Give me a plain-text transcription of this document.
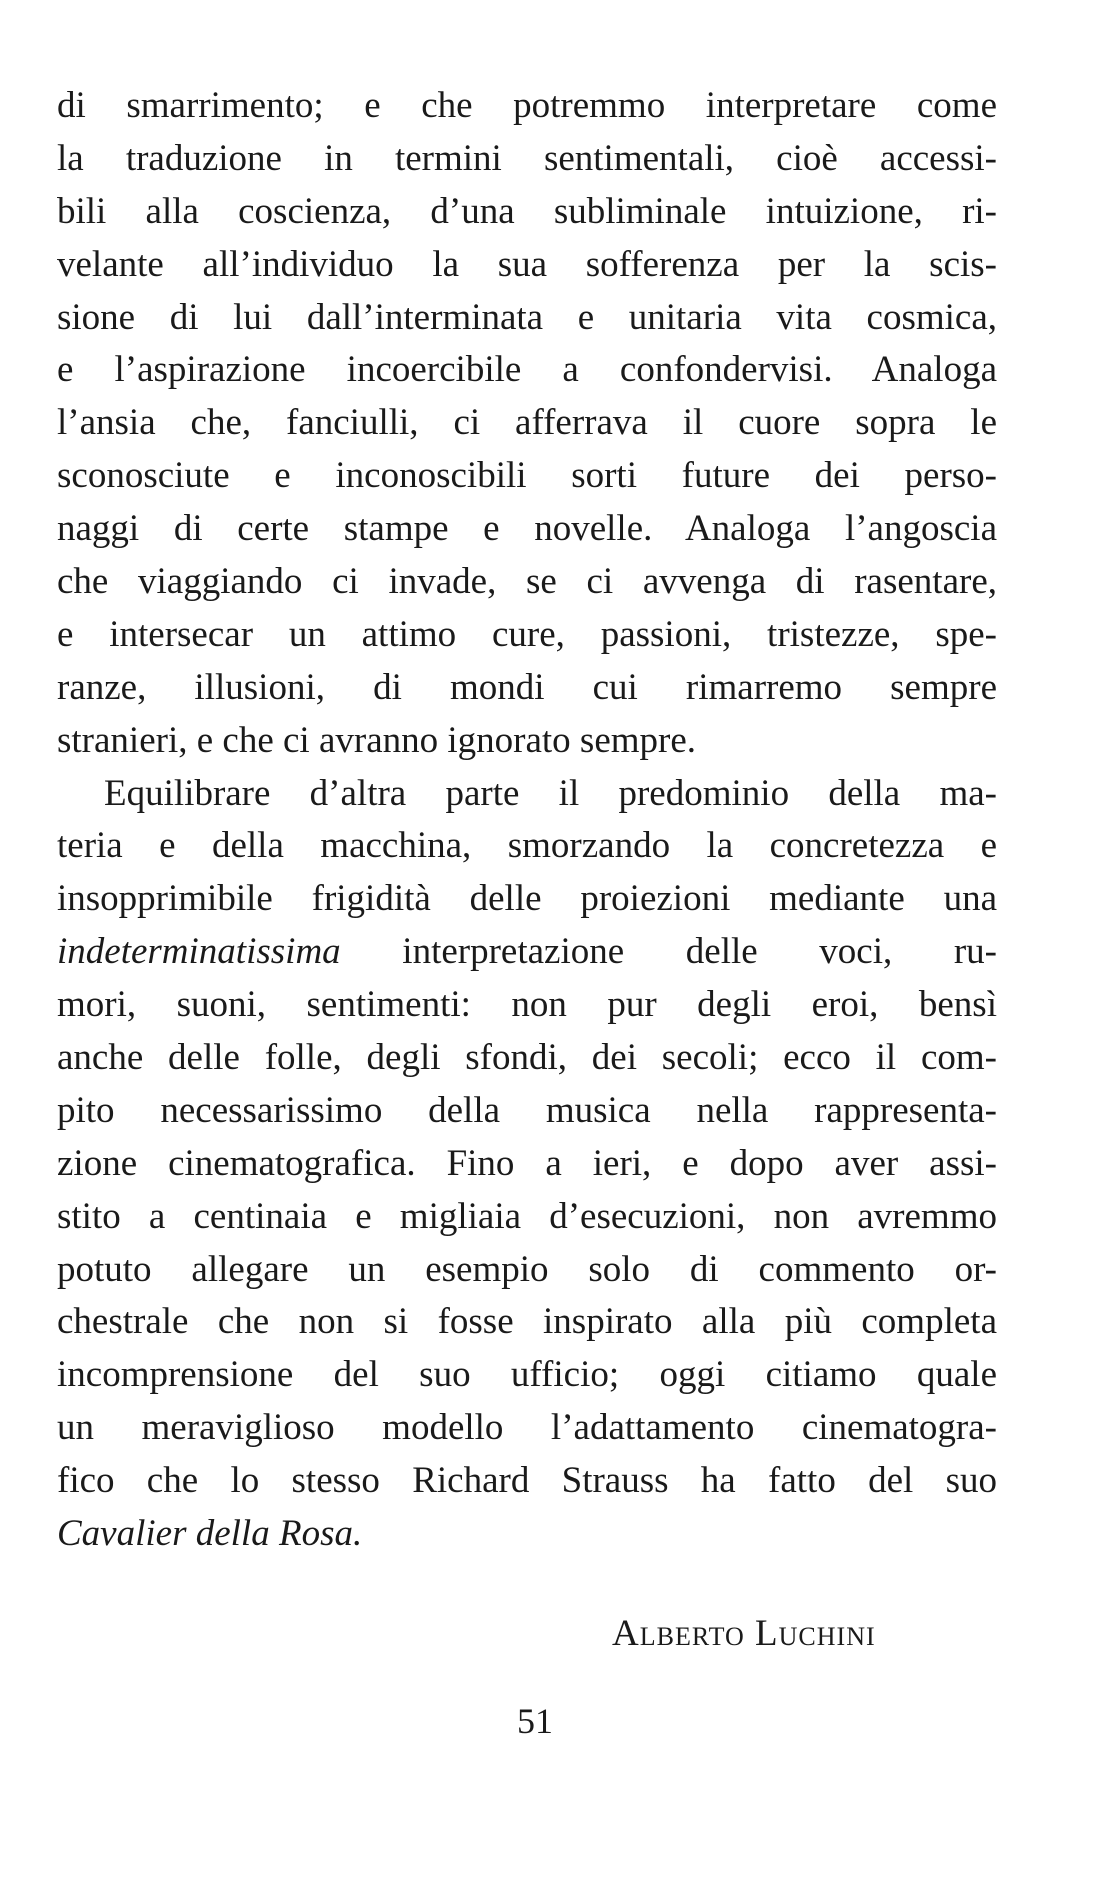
di smarrimento; e che potremmo interpretare come
la traduzione in termini sentimentali, cioè accessi-
bili alla coscienza, d’una subliminale intuizione, ri-
velante all’individuo la sua sofferenza per la scis-
sione di lui dall’interminata e unitaria vita cosmica,
e l’aspirazione incoercibile a confondervisi. Analoga
l’ansia che, fanciulli, ci afferrava il cuore sopra le
sconosciute e inconoscibili sorti future dei perso-
naggi di certe stampe e novelle. Analoga l’angoscia
che viaggiando ci invade, se ci avvenga di rasentare,
e intersecar un attimo cure, passioni, tristezze, spe-
ranze, illusioni, di mondi cui rimarremo sempre
stranieri, e che ci avranno ignorato sempre.
Equilibrare d’altra parte il predominio della ma-
teria e della macchina, smorzando la concretezza e
insopprimibile frigidità delle proiezioni mediante una
indeterminatissima interpretazione delle voci, ru-
mori, suoni, sentimenti: non pur degli eroi, bensì
anche delle folle, degli sfondi, dei secoli; ecco il com-
pito necessarissimo della musica nella rappresenta-
zione cinematografica. Fino a ieri, e dopo aver assi-
stito a centinaia e migliaia d’esecuzioni, non avremmo
potuto allegare un esempio solo di commento or-
chestrale che non si fosse inspirato alla più completa
incomprensione del suo ufficio; oggi citiamo quale
un meraviglioso modello l’adattamento cinematogra-
fico che lo stesso Richard Strauss ha fatto del suo
Cavalier della Rosa.
Alberto Luchini
51
